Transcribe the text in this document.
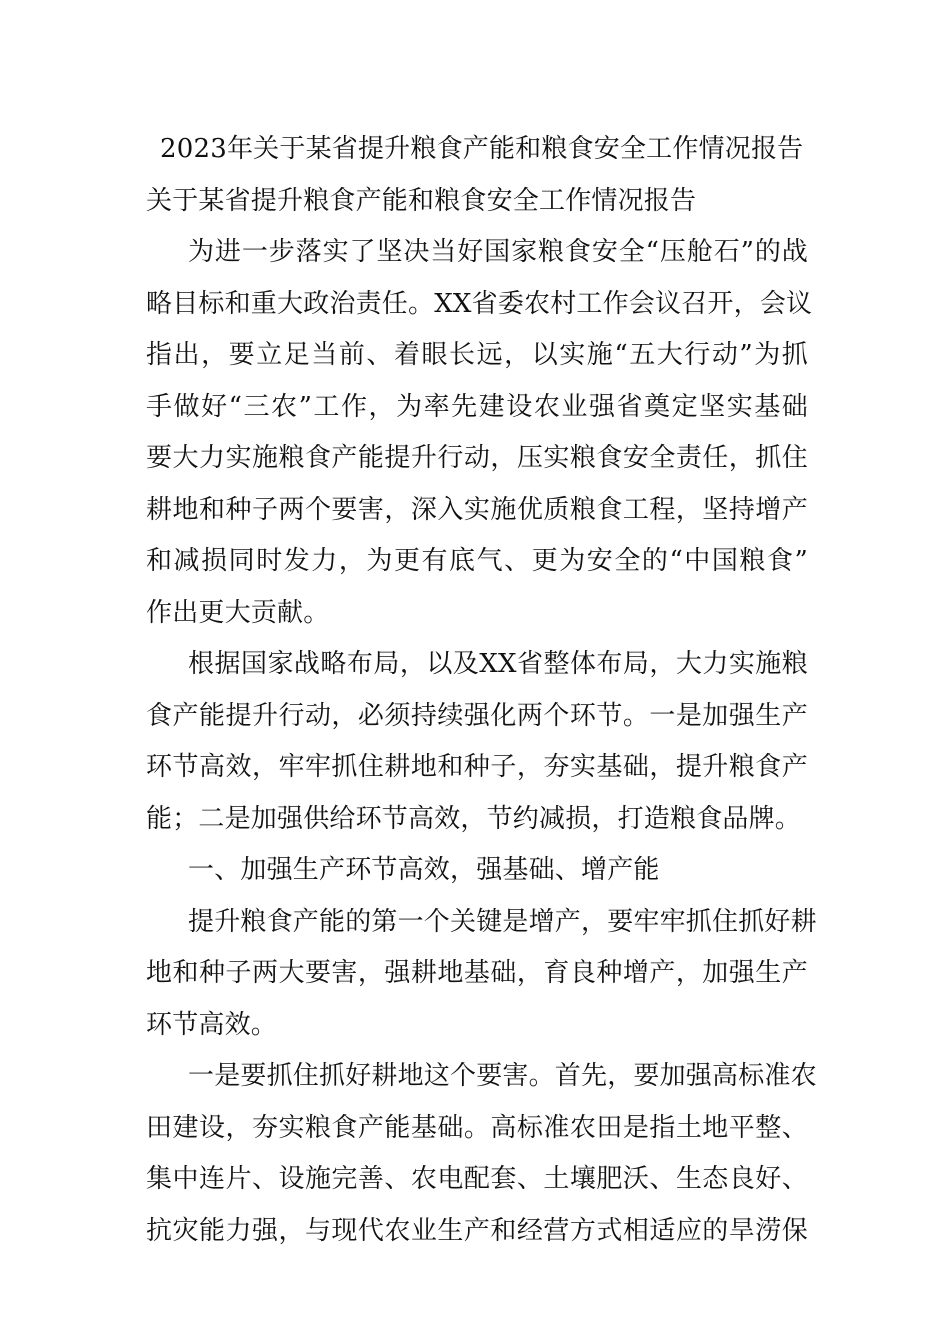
2023年关于某省提升粮食产能和粮食安全工作情况报告
关于某省提升粮食产能和粮食安全工作情况报告
为进一步落实了坚决当好国家粮食安全“压舱石”的战
略目标和重大政治责任。XX省委农村工作会议召开，会议
指出，要立足当前、着眼长远，以实施“五大行动”为抓
手做好“三农”工作，为率先建设农业强省奠定坚实基础
要大力实施粮食产能提升行动，压实粮食安全责任，抓住
耕地和种子两个要害，深入实施优质粮食工程，坚持增产
和减损同时发力，为更有底气、更为安全的“中国粮食”
作出更大贡献。
根据国家战略布局，以及XX省整体布局，大力实施粮
食产能提升行动，必须持续强化两个环节。一是加强生产
环节高效，牢牢抓住耕地和种子，夯实基础，提升粮食产
能；二是加强供给环节高效，节约减损，打造粮食品牌。
一、加强生产环节高效，强基础、增产能
提升粮食产能的第一个关键是增产，要牢牢抓住抓好耕
地和种子两大要害，强耕地基础，育良种增产，加强生产
环节高效。
一是要抓住抓好耕地这个要害。首先，要加强高标准农
田建设，夯实粮食产能基础。高标准农田是指土地平整、
集中连片、设施完善、农电配套、土壤肥沃、生态良好、
抗灾能力强，与现代农业生产和经营方式相适应的旱涝保
